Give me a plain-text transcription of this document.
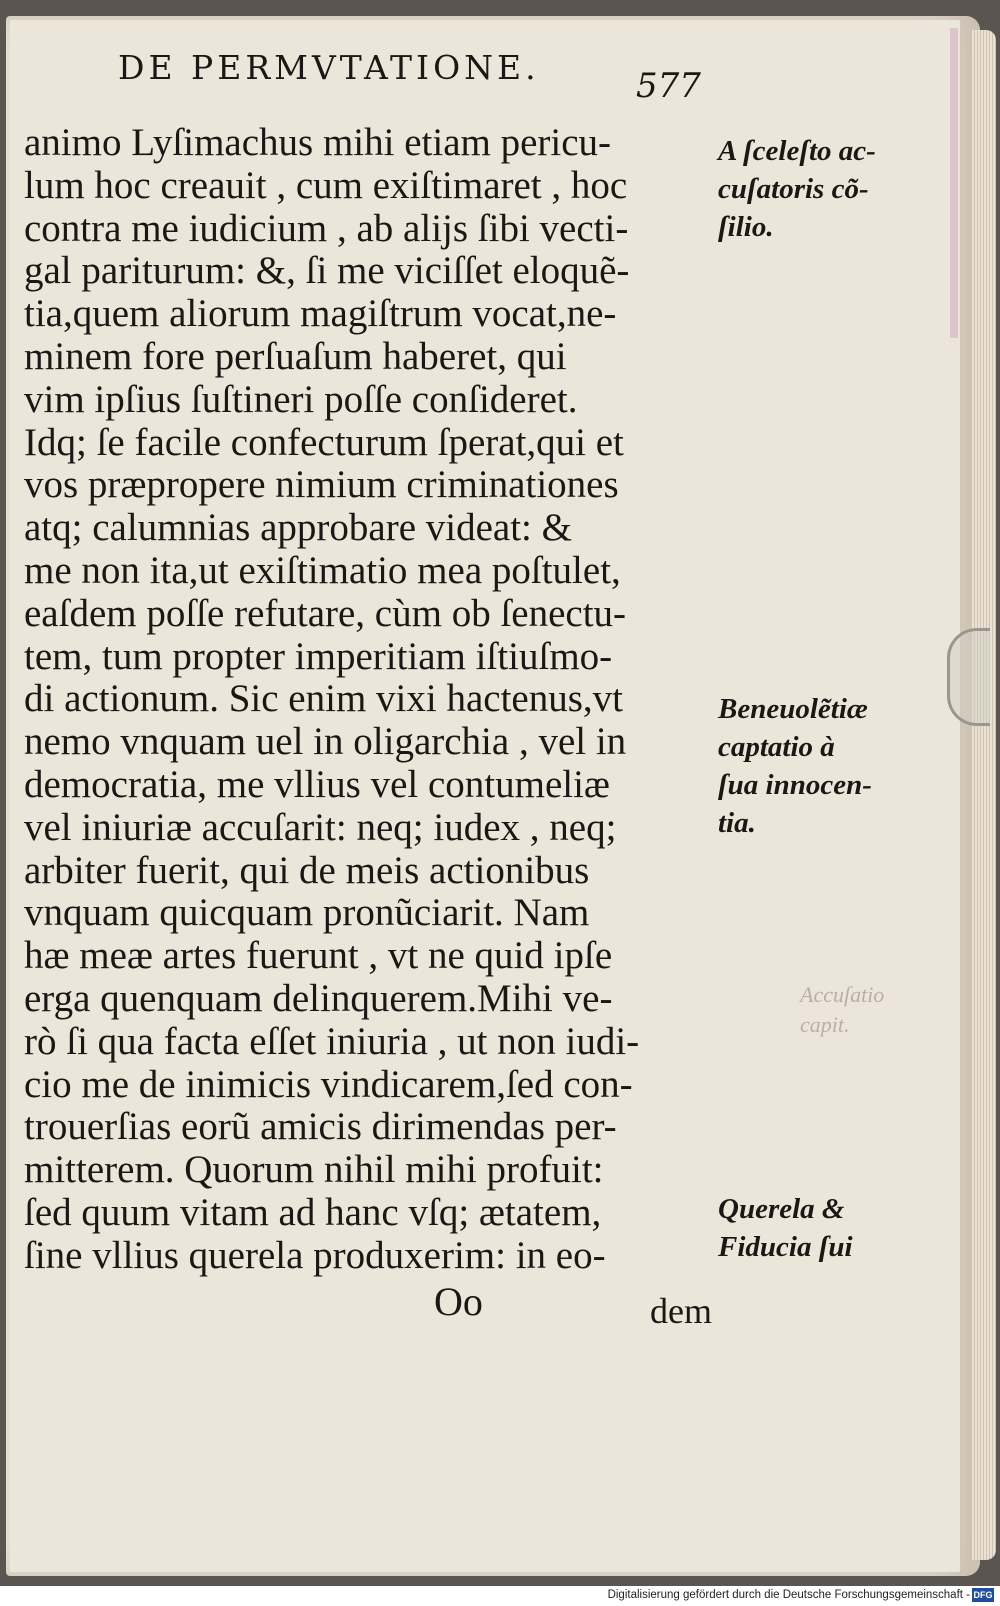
DE PERMVTATIONE.	577
animo Lyſimachus mihi etiam pericu-
lum hoc creauit , cum exiſtimaret , hoc
contra me iudicium , ab alijs ſibi vecti-
gal pariturum: &, ſi me viciſſet eloquẽ-
tia,quem aliorum magiſtrum vocat,ne-
minem fore perſuaſum haberet, qui
vim ipſius ſuſtineri poſſe conſideret.
Idq; ſe facile confecturum ſperat,qui et
vos præpropere nimium criminationes
atq; calumnias approbare videat: &
me non ita,ut exiſtimatio mea poſtulet,
eaſdem poſſe refutare, cùm ob ſenectu-
tem, tum propter imperitiam iſtiuſmo-
di actionum. Sic enim vixi hactenus,vt
nemo vnquam uel in oligarchia , vel in
democratia, me vllius vel contumeliæ
vel iniuriæ accuſarit: neq; iudex , neq;
arbiter fuerit, qui de meis actionibus
vnquam quicquam pronũciarit. Nam
hæ meæ artes fuerunt , vt ne quid ipſe
erga quenquam delinquerem.Mihi ve-
rò ſi qua facta eſſet iniuria , ut non iudi-
cio me de inimicis vindicarem,ſed con-
trouerſias eorũ amicis dirimendas per-
mitterem. Quorum nihil mihi profuit:
ſed quum vitam ad hanc vſq; ætatem,
ſine vllius querela produxerim: in eo-
A ſceleſto ac-
cuſatoris cõ-
ſilio.
Beneuolẽtiæ
captatio à
ſua innocen-
tia.
Querela &
Fiducia ſui
Accuſatio
capit.
Oo	dem
Digitalisierung gefördert durch die Deutsche Forschungsgemeinschaft - DFG
